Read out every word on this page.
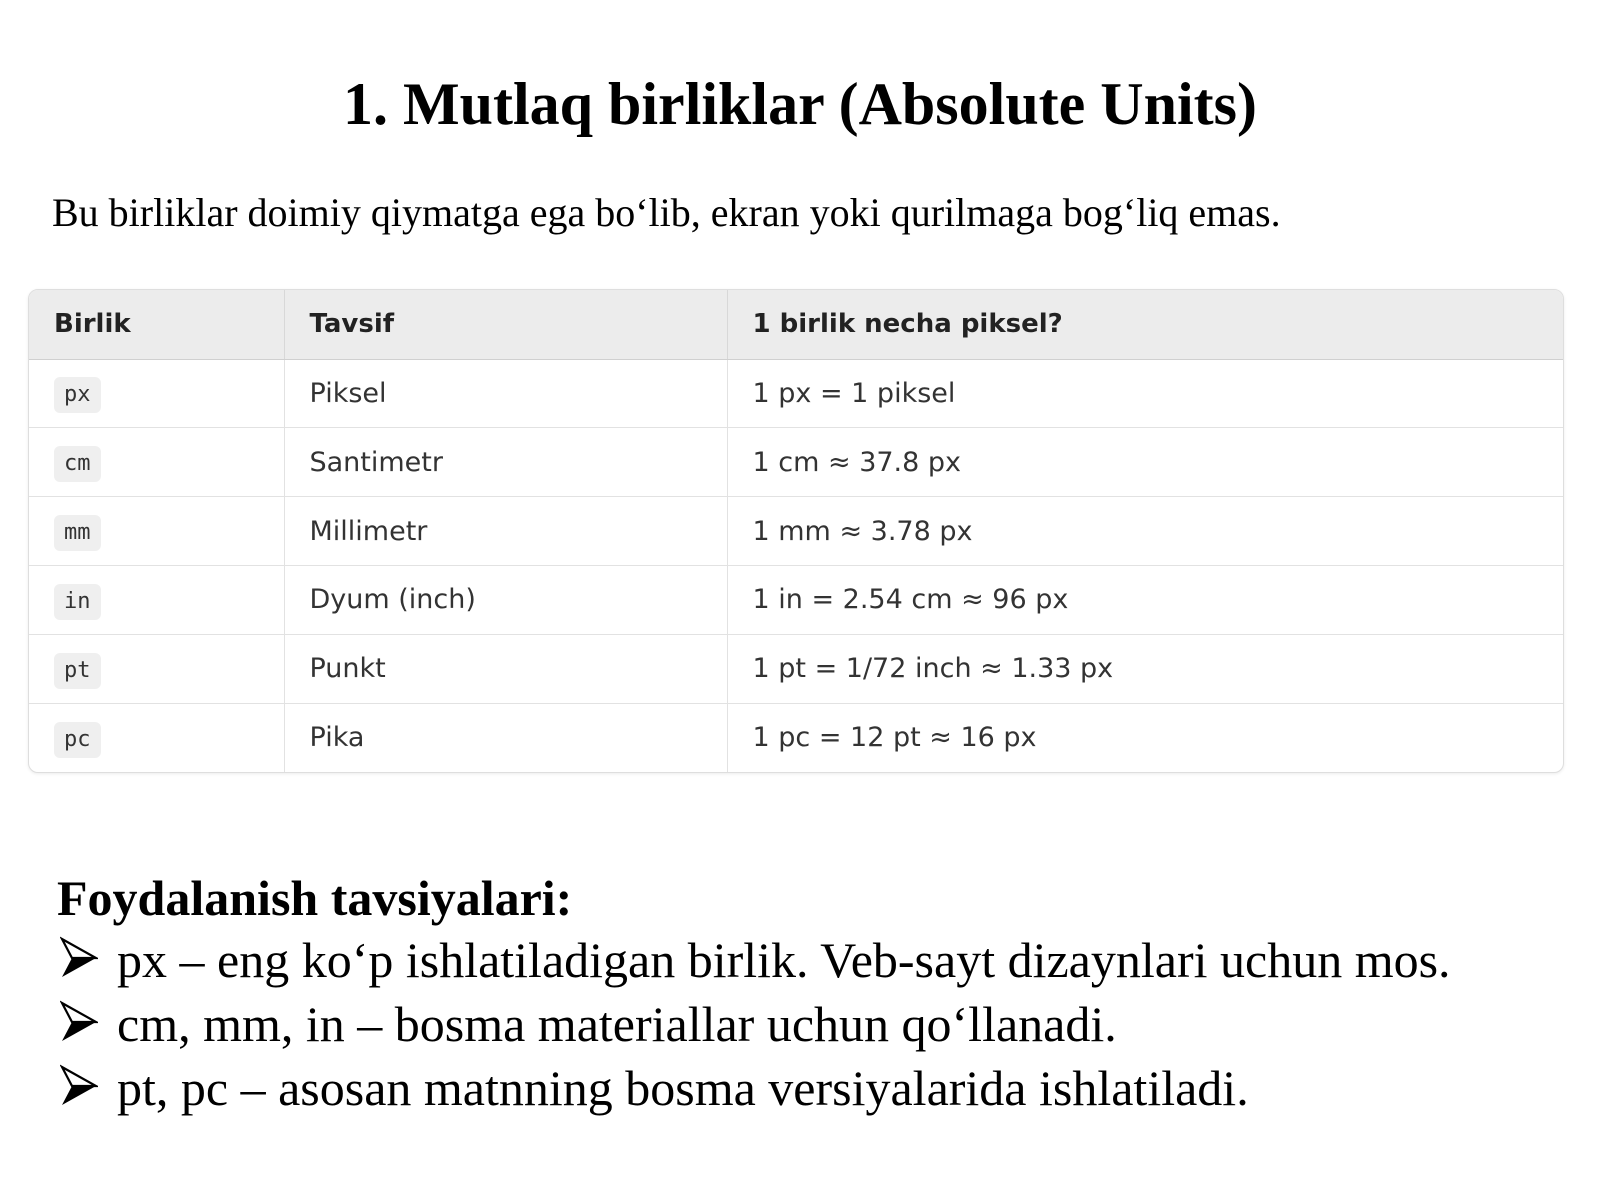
1. Mutlaq birliklar (Absolute Units)

Bu birliklar doimiy qiymatga ega bo‘lib, ekran yoki qurilmaga bog‘liq emas.

Birlik	Tavsif	1 birlik necha piksel?
px	Piksel	1 px = 1 piksel
cm	Santimetr	1 cm ≈ 37.8 px
mm	Millimetr	1 mm ≈ 3.78 px
in	Dyum (inch)	1 in = 2.54 cm ≈ 96 px
pt	Punkt	1 pt = 1/72 inch ≈ 1.33 px
pc	Pika	1 pc = 12 pt ≈ 16 px
Foydalanish tavsiyalari:
px – eng ko‘p ishlatiladigan birlik. Veb-sayt dizaynlari uchun mos.
cm, mm, in – bosma materiallar uchun qo‘llanadi.
pt, pc – asosan matnning bosma versiyalarida ishlatiladi.
